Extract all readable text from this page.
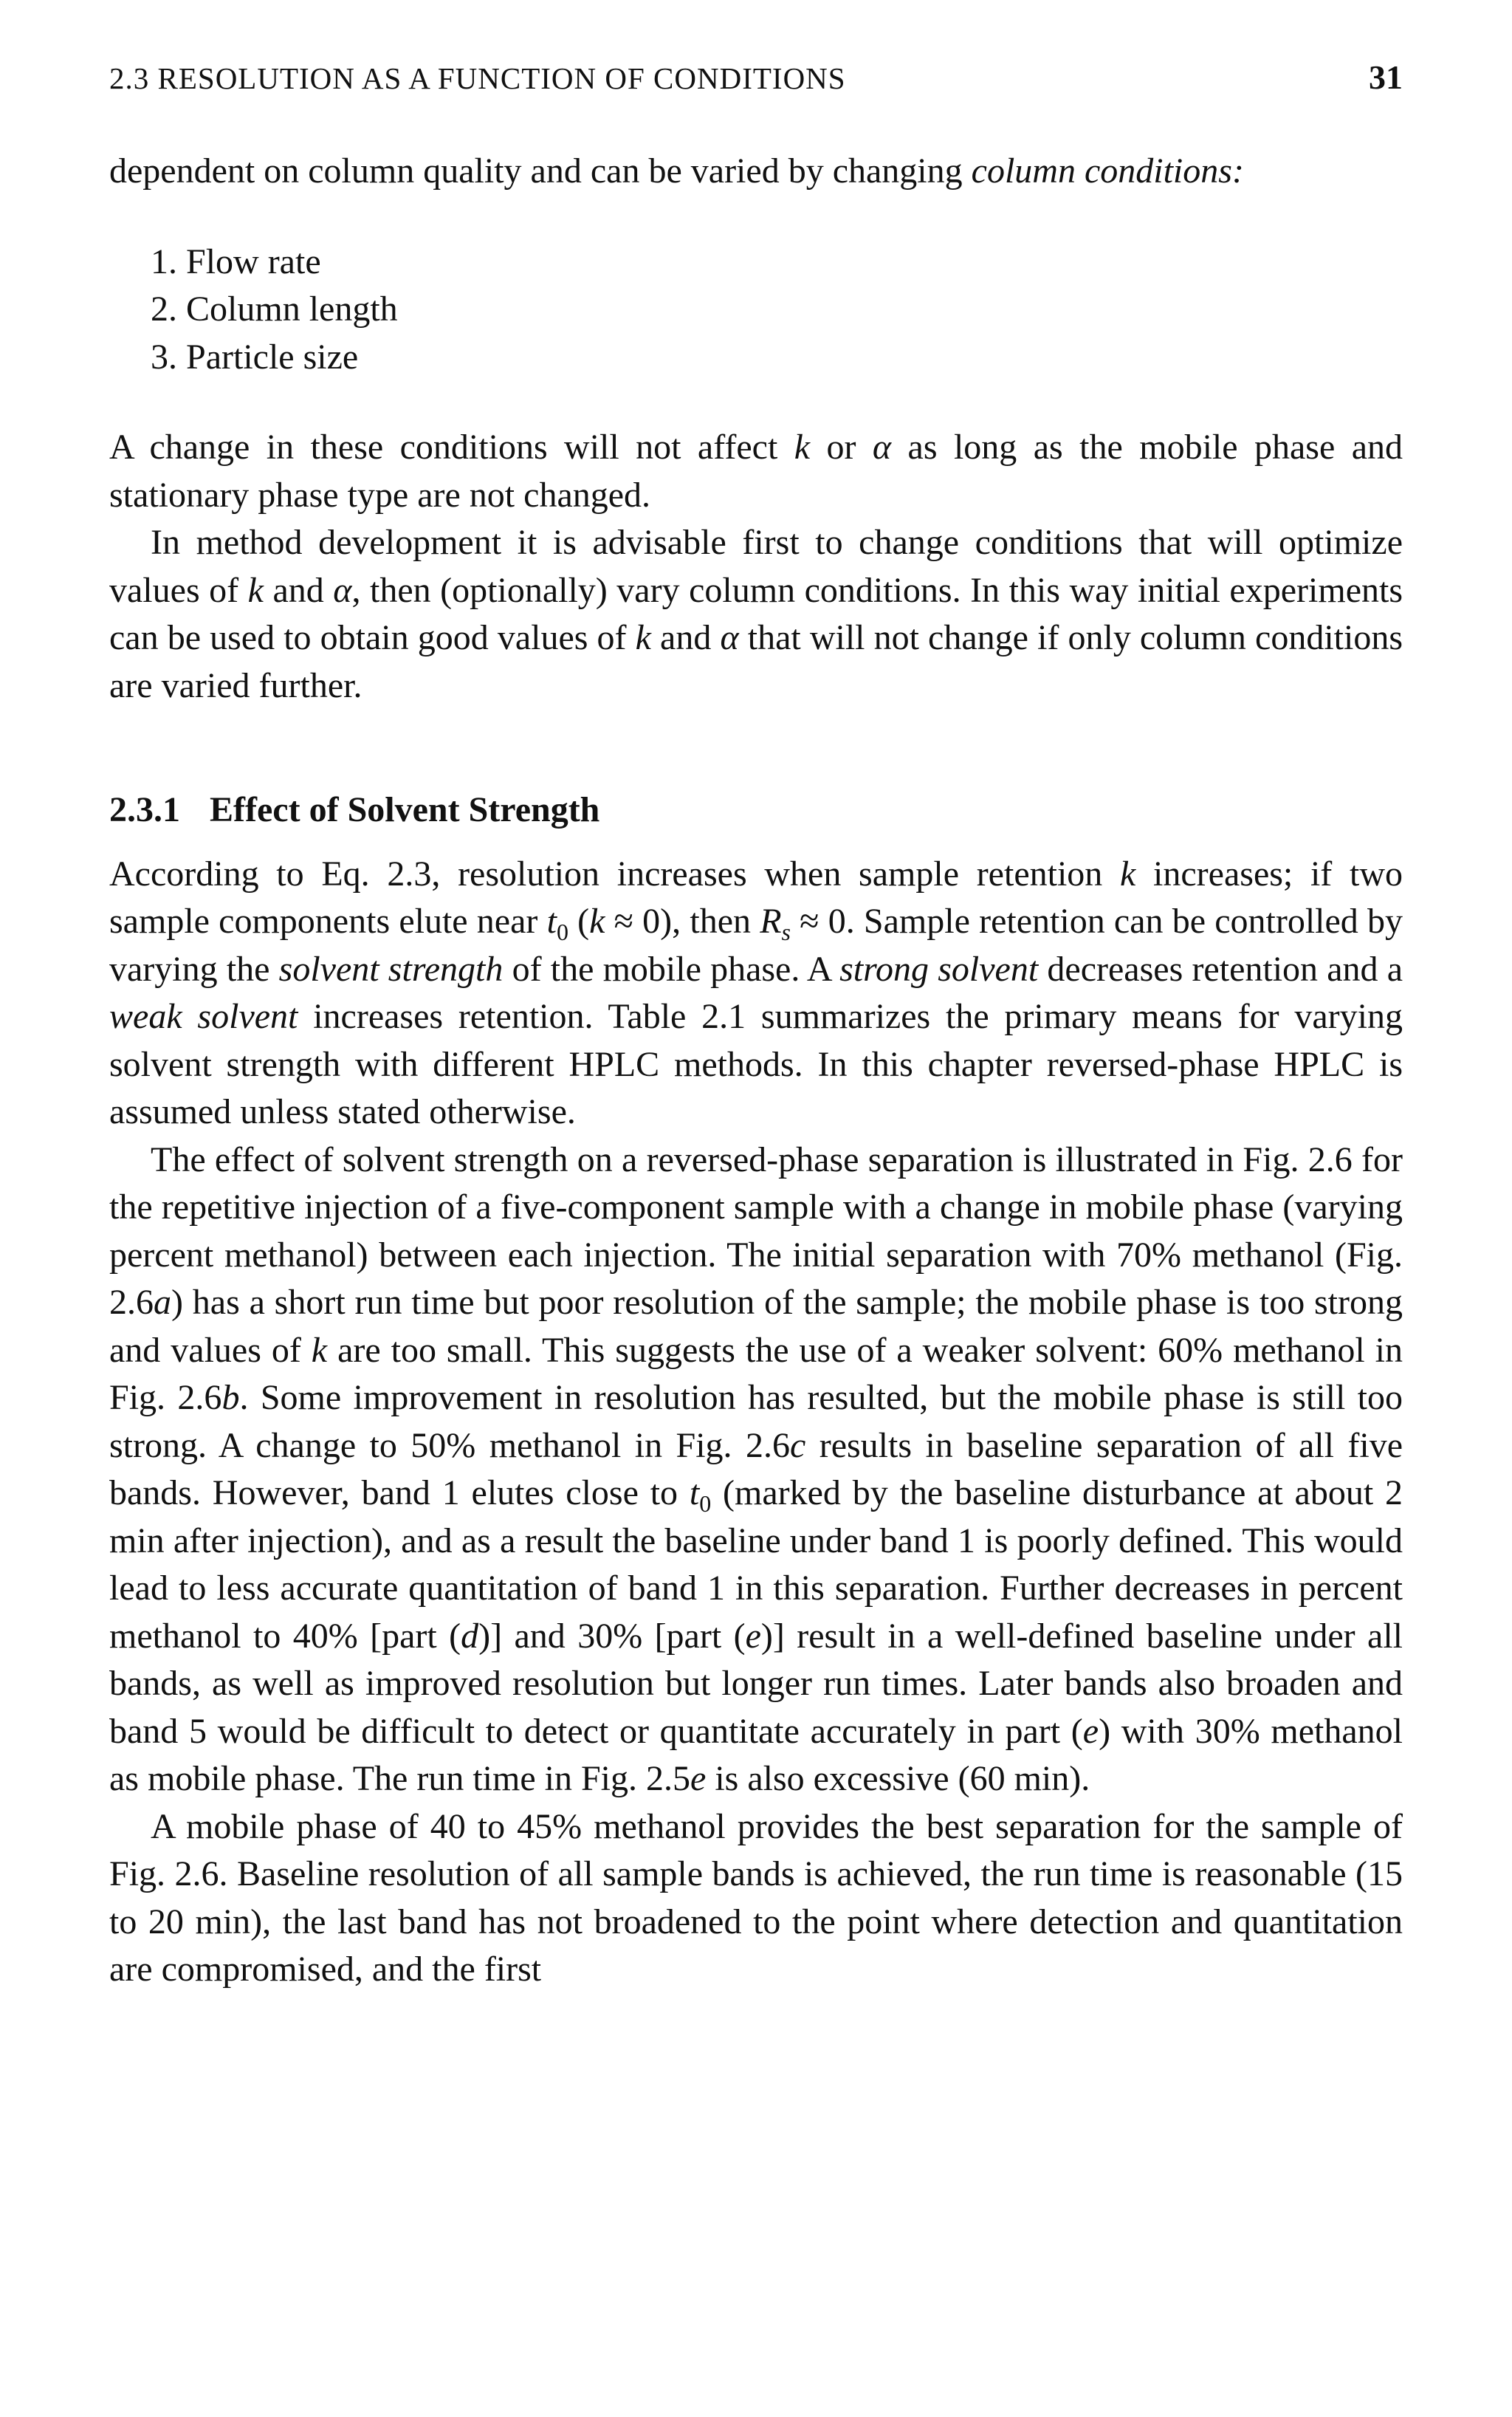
2.3 RESOLUTION AS A FUNCTION OF CONDITIONS	31

dependent on column quality and can be varied by changing column conditions:

1. Flow rate
2. Column length
3. Particle size

A change in these conditions will not affect k or α as long as the mobile phase and stationary phase type are not changed.

In method development it is advisable first to change conditions that will optimize values of k and α, then (optionally) vary column conditions. In this way initial experiments can be used to obtain good values of k and α that will not change if only column conditions are varied further.

2.3.1 Effect of Solvent Strength

According to Eq. 2.3, resolution increases when sample retention k increases; if two sample components elute near $t_0$ (k ≈ 0), then $R_s \approx 0$. Sample retention can be controlled by varying the solvent strength of the mobile phase. A strong solvent decreases retention and a weak solvent increases retention. Table 2.1 summarizes the primary means for varying solvent strength with different HPLC methods. In this chapter reversed-phase HPLC is assumed unless stated otherwise.

The effect of solvent strength on a reversed-phase separation is illustrated in Fig. 2.6 for the repetitive injection of a five-component sample with a change in mobile phase (varying percent methanol) between each injection. The initial separation with 70% methanol (Fig. 2.6a) has a short run time but poor resolution of the sample; the mobile phase is too strong and values of k are too small. This suggests the use of a weaker solvent: 60% methanol in Fig. 2.6b. Some improvement in resolution has resulted, but the mobile phase is still too strong. A change to 50% methanol in Fig. 2.6c results in baseline separation of all five bands. However, band 1 elutes close to $t_0$ (marked by the baseline disturbance at about 2 min after injection), and as a result the baseline under band 1 is poorly defined. This would lead to less accurate quantitation of band 1 in this separation. Further decreases in percent methanol to 40% [part (d)] and 30% [part (e)] result in a well-defined baseline under all bands, as well as improved resolution but longer run times. Later bands also broaden and band 5 would be difficult to detect or quantitate accurately in part (e) with 30% methanol as mobile phase. The run time in Fig. 2.5e is also excessive (60 min).

A mobile phase of 40 to 45% methanol provides the best separation for the sample of Fig. 2.6. Baseline resolution of all sample bands is achieved, the run time is reasonable (15 to 20 min), the last band has not broadened to the point where detection and quantitation are compromised, and the first
